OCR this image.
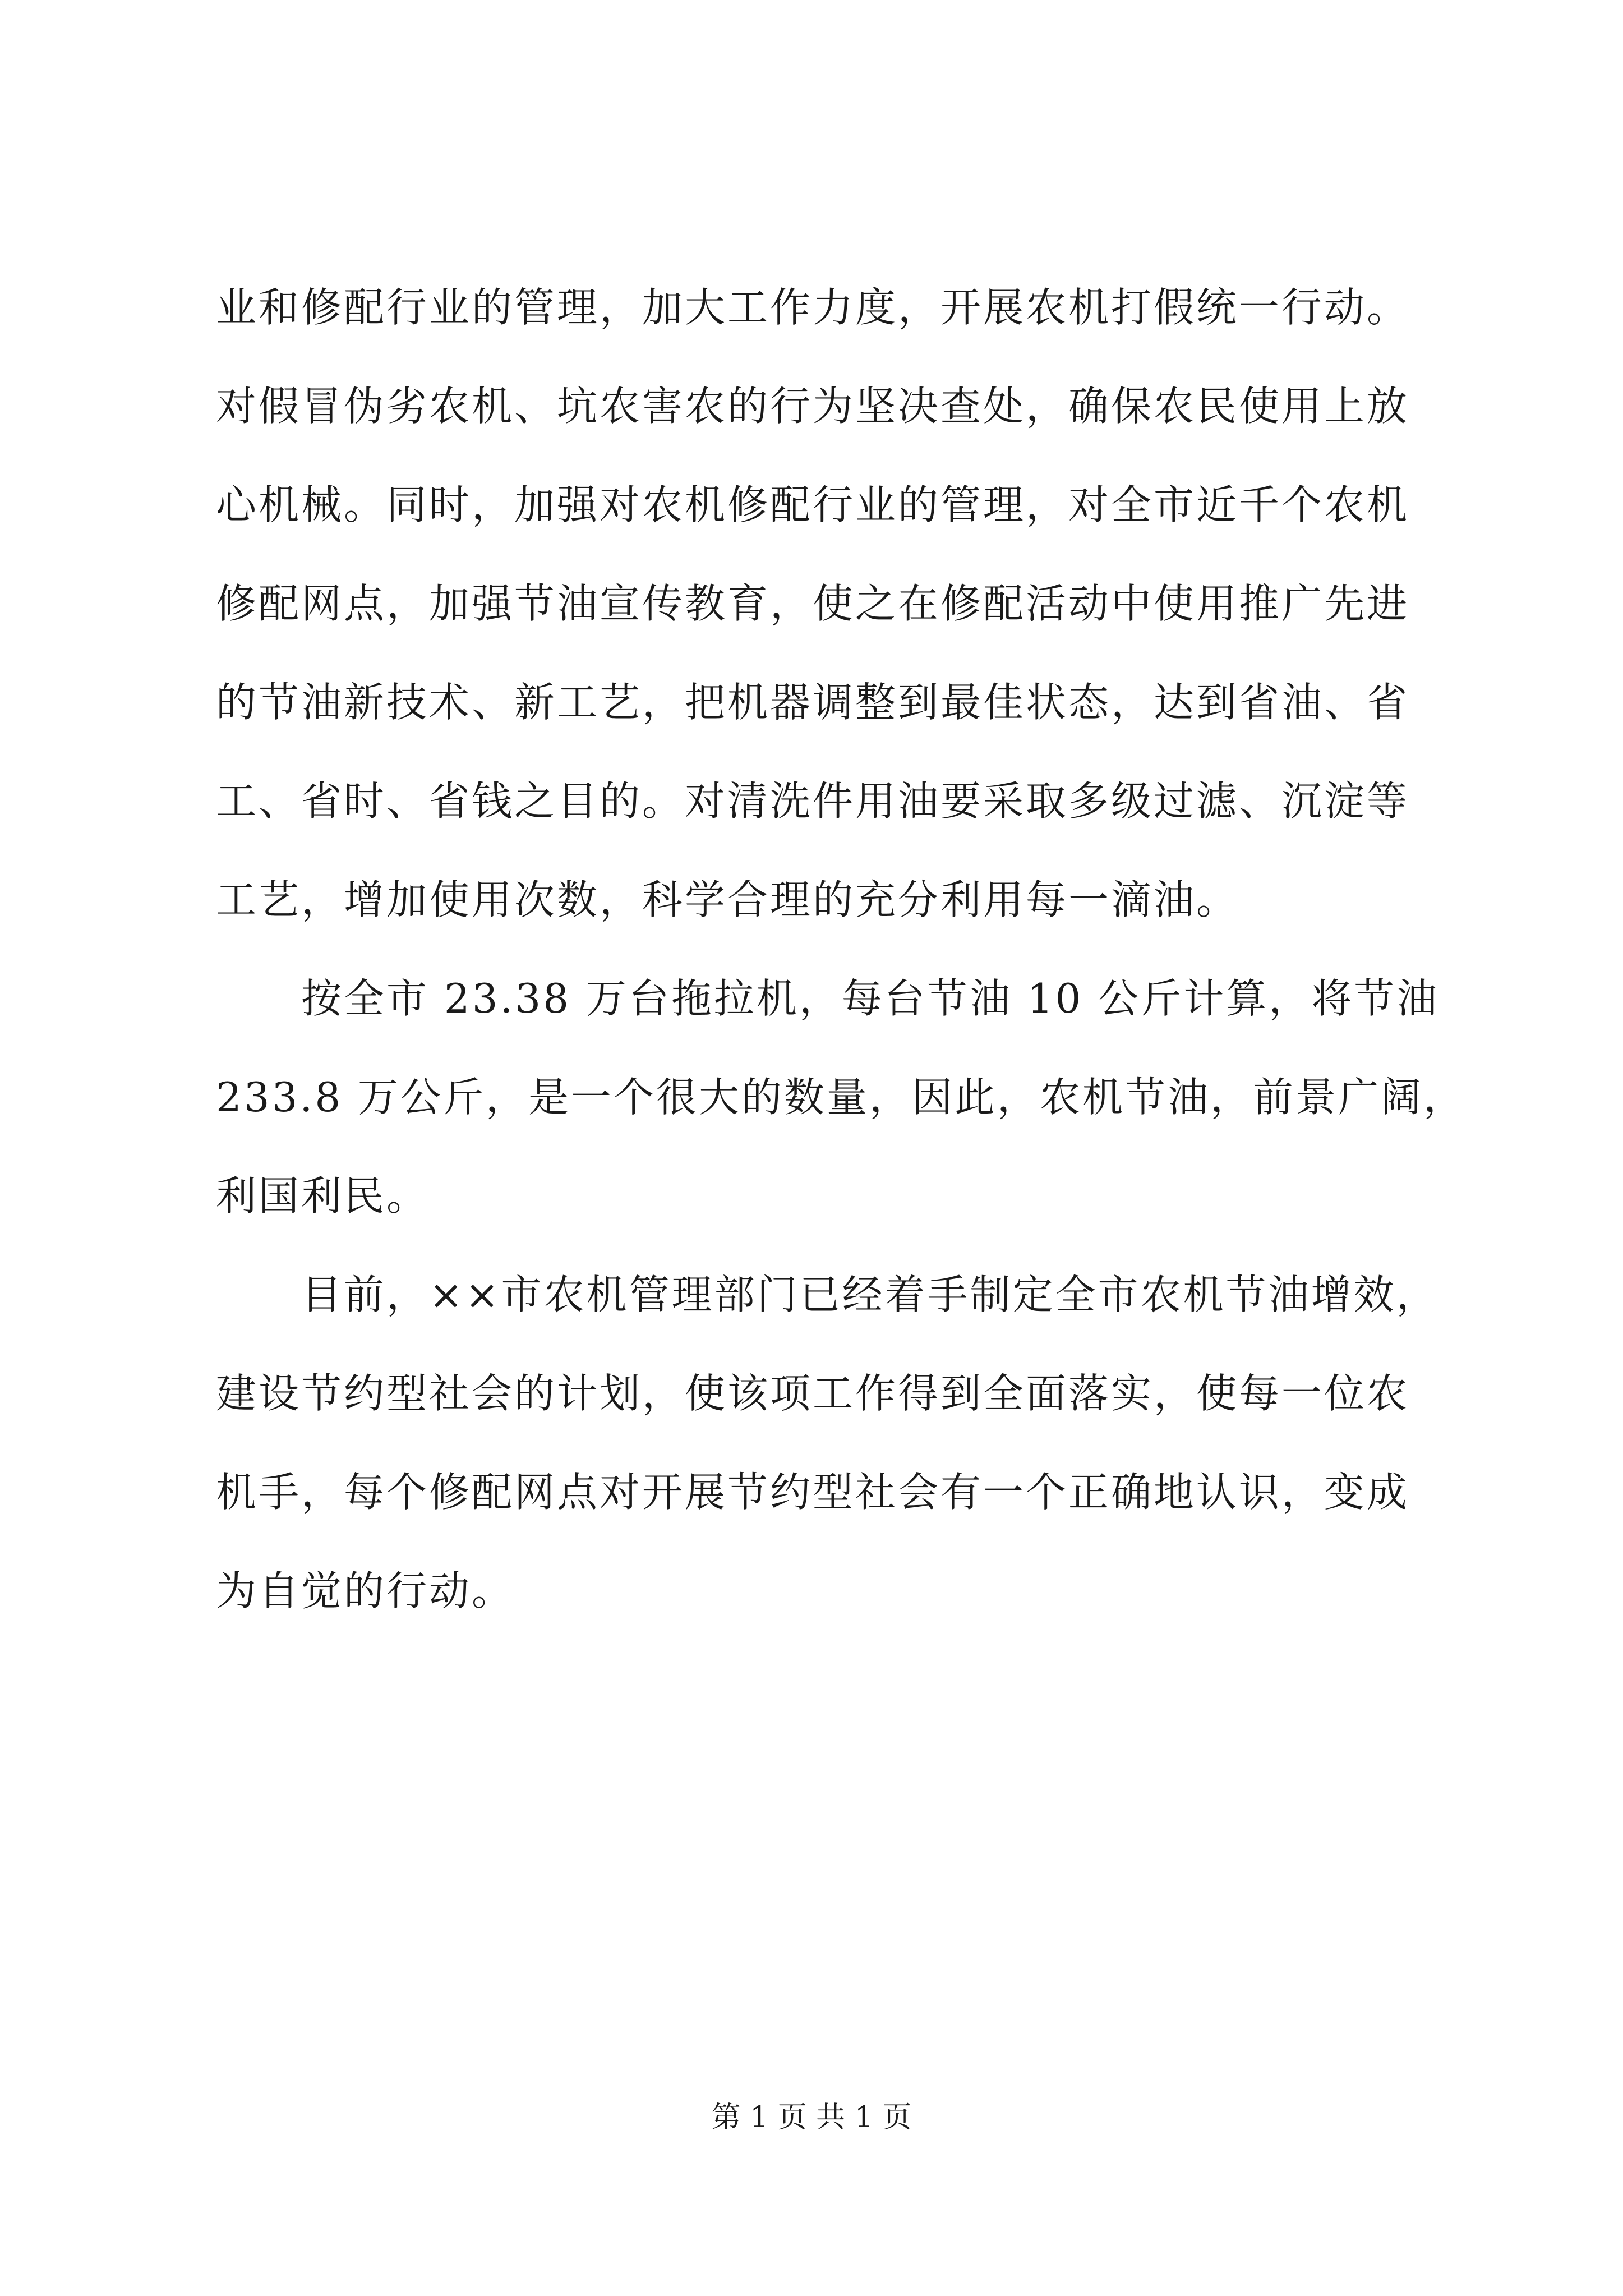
业和修配行业的管理，加大工作力度，开展农机打假统一行动。
对假冒伪劣农机、坑农害农的行为坚决查处，确保农民使用上放
心机械。同时，加强对农机修配行业的管理，对全市近千个农机
修配网点，加强节油宣传教育，使之在修配活动中使用推广先进
的节油新技术、新工艺，把机器调整到最佳状态，达到省油、省
工、省时、省钱之目的。对清洗件用油要采取多级过滤、沉淀等
工艺，增加使用次数，科学合理的充分利用每一滴油。
　　按全市 23.38 万台拖拉机，每台节油 10 公斤计算，将节油
233.8 万公斤，是一个很大的数量，因此，农机节油，前景广阔，
利国利民。
　　目前，××市农机管理部门已经着手制定全市农机节油增效，
建设节约型社会的计划，使该项工作得到全面落实，使每一位农
机手，每个修配网点对开展节约型社会有一个正确地认识，变成
为自觉的行动。
第 1 页 共 1 页
